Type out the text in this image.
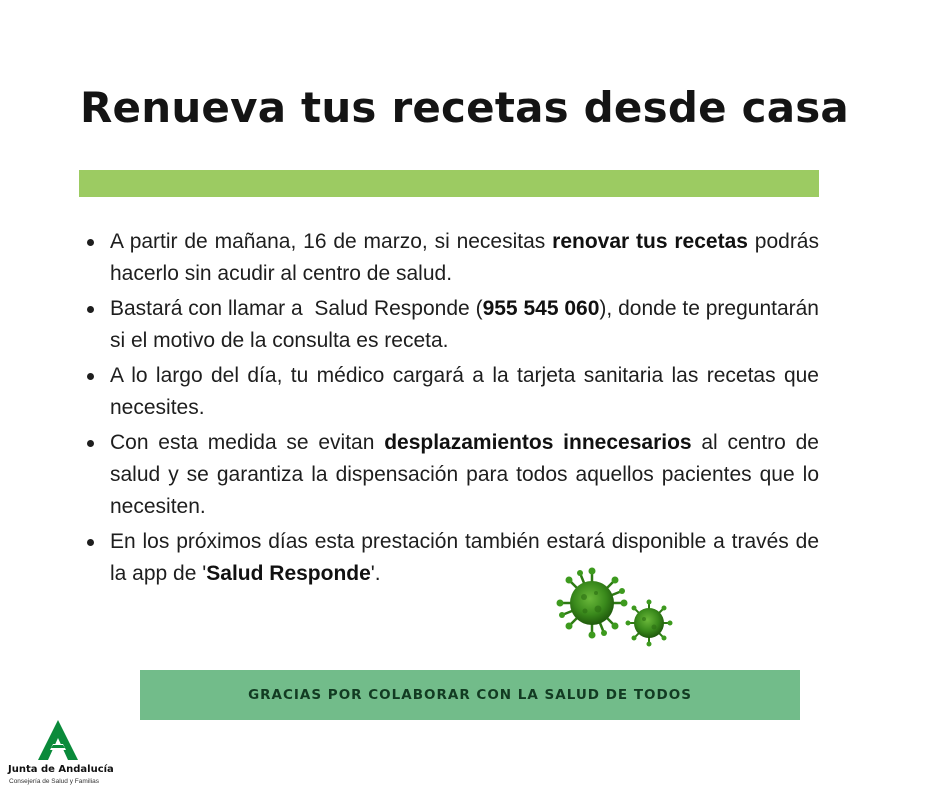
Renueva tus recetas desde casa
A partir de mañana, 16 de marzo, si necesitas renovar tus recetas podrás hacerlo sin acudir al centro de salud.
Bastará con llamar a  Salud Responde (955 545 060), donde te preguntarán si el motivo de la consulta es receta.
A lo largo del día, tu médico cargará a la tarjeta sanitaria las recetas que necesites.
Con esta medida se evitan desplazamientos innecesarios al centro de salud y se garantiza la dispensación para todos aquellos pacientes que lo necesiten.
En los próximos días esta prestación también estará disponible a través de la app de 'Salud Responde'.
GRACIAS POR COLABORAR CON LA SALUD DE TODOS
Junta de Andalucía
Consejería de Salud y Familias
